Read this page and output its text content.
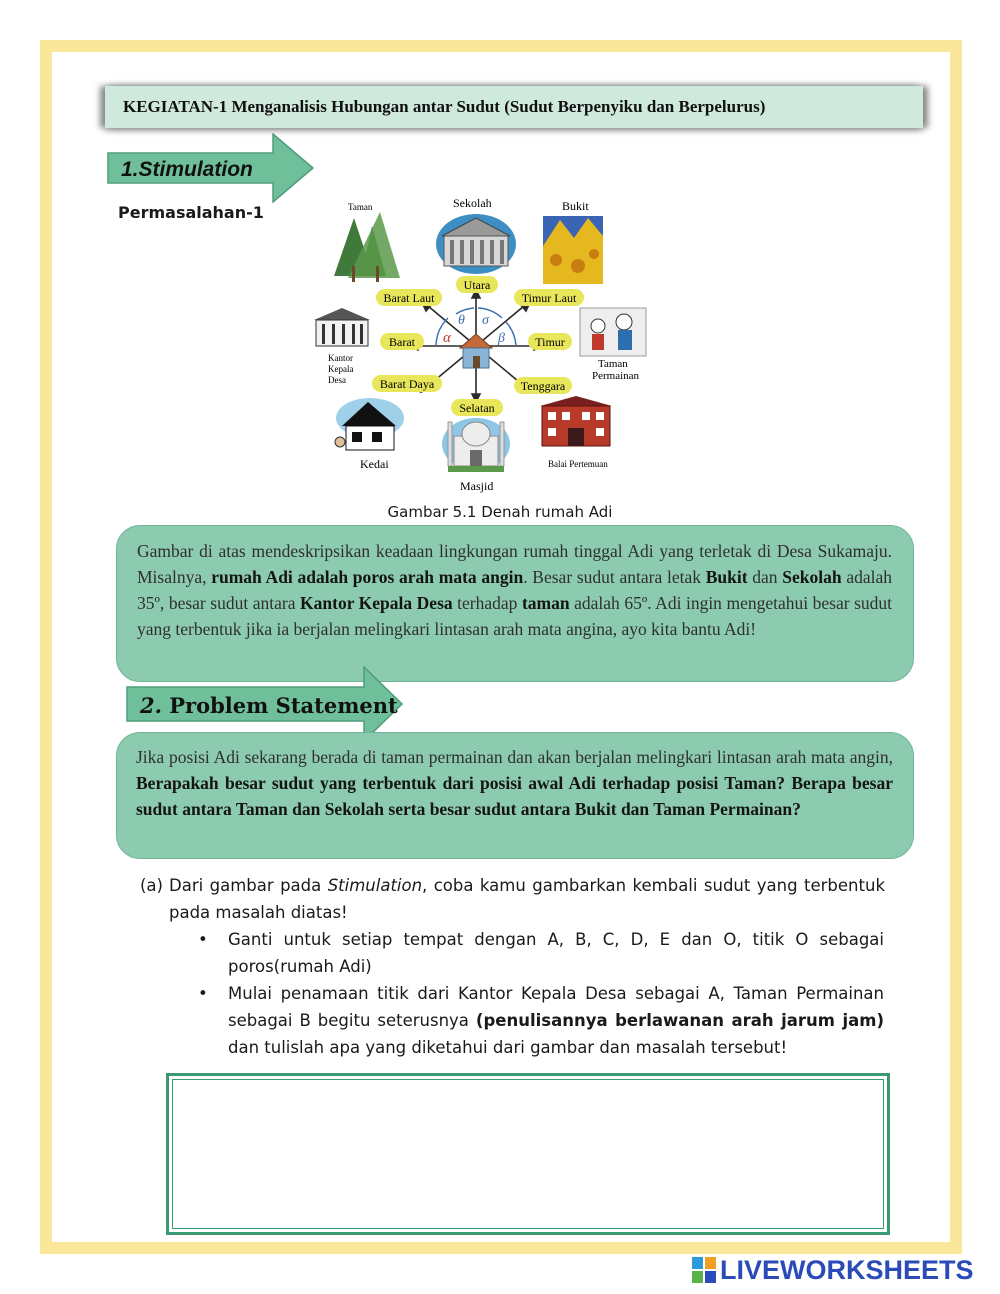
KEGIATAN-1 Menganalisis Hubungan antar Sudut (Sudut Berpenyiku dan Berpelurus)
1.Stimulation
Permasalahan-1
α
θ σ
β
Utara
Barat Laut	Timur Laut
Barat	Timur
Barat Daya	Tenggara
Selatan
Taman	Sekolah	Bukit
Kantor
Kepala
Desa
Taman
Permainan
Kedai
Masjid
Balai Pertemuan
Gambar 5.1 Denah rumah Adi
Gambar di atas mendeskripsikan keadaan lingkungan rumah tinggal Adi yang terletak di Desa Sukamaju. Misalnya, rumah Adi adalah poros arah mata angin. Besar sudut antara letak Bukit dan Sekolah adalah 35º, besar sudut antara Kantor Kepala Desa terhadap taman adalah 65º. Adi ingin mengetahui besar sudut yang terbentuk jika ia berjalan melingkari lintasan arah mata angina, ayo kita bantu Adi!
2. Problem Statement
Jika posisi Adi sekarang berada di taman permainan dan akan berjalan melingkari lintasan arah mata angin, Berapakah besar sudut yang terbentuk dari posisi awal Adi terhadap posisi Taman? Berapa besar sudut antara Taman dan Sekolah serta besar sudut antara Bukit dan Taman Permainan?
(a) Dari gambar pada Stimulation, coba kamu gambarkan kembali sudut yang terbentuk pada masalah diatas!
• Ganti untuk setiap tempat dengan A, B, C, D, E dan O, titik O sebagai poros(rumah Adi)
• Mulai penamaan titik dari Kantor Kepala Desa sebagai A, Taman Permainan sebagai B begitu seterusnya (penulisannya berlawanan arah jarum jam) dan tulislah apa yang diketahui dari gambar dan masalah tersebut!
LIVEWORKSHEETS
